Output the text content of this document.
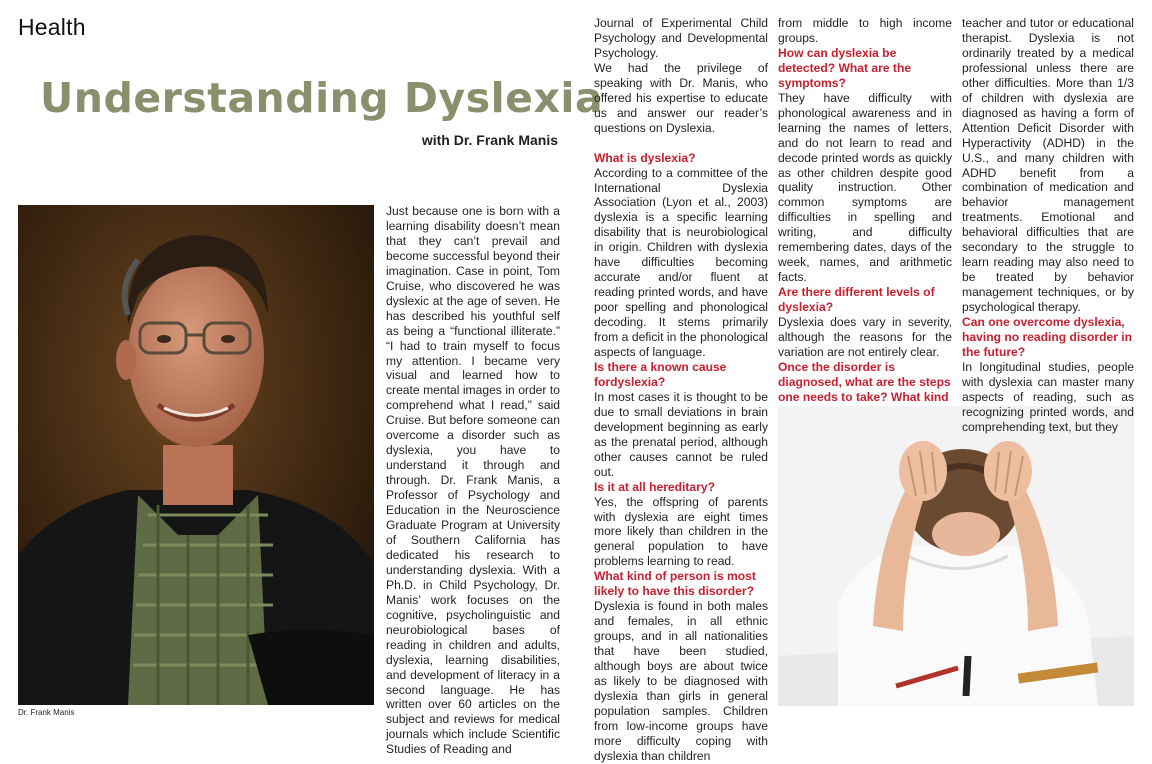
Health
Understanding Dyslexia
with Dr. Frank Manis
Dr. Frank Manis

Just because one is born with a learning disability doesn’t mean that they can’t prevail and become successful beyond their imagination. Case in point, Tom Cruise, who discovered he was dyslexic at the age of seven. He has described his youthful self as being a “functional illiterate.” “I had to train myself to focus my attention. I became very visual and learned how to create mental images in order to comprehend what I read,” said Cruise. But before someone can overcome a disorder such as dyslexia, you have to understand it through and through. Dr. Frank Manis, a Professor of Psychology and Education in the Neuroscience Graduate Program at University of Southern California has dedicated his research to understanding dyslexia. With a Ph.D. in Child Psychology, Dr. Manis’ work focuses on the cognitive, psycholinguistic and neurobiological bases of reading in children and adults, dyslexia, learning disabilities, and development of literacy in a second language. He has written over 60 articles on the subject and reviews for medical journals which include Scientific Studies of Reading and

Journal of Experimental Child Psychology and Developmental Psychology.

We had the privilege of speaking with Dr. Manis, who offered his expertise to educate us and answer our reader’s questions on Dyslexia.

What is dyslexia?

According to a committee of the International Dyslexia Association (Lyon et al., 2003) dyslexia is a specific learning disability that is neurobiological in origin. Children with dyslexia have difficulties becoming accurate and/or fluent at reading printed words, and have poor spelling and phonological decoding. It stems primarily from a deficit in the phonological aspects of language.

Is there a known cause fordyslexia?

In most cases it is thought to be due to small deviations in brain development beginning as early as the prenatal period, although other causes cannot be ruled out.

Is it at all hereditary?

Yes, the offspring of parents with dyslexia are eight times more likely than children in the general population to have problems learning to read.

What kind of person is most likely to have this disorder?

Dyslexia is found in both males and females, in all ethnic groups, and in all nationalities that have been studied, although boys are about twice as likely to be diagnosed with dyslexia than girls in general population samples. Children from low-income groups have more difficulty coping with dyslexia than children

from middle to high income groups.

How can dyslexia be detected? What are the symptoms?

They have difficulty with phonological awareness and in learning the names of letters, and do not learn to read and decode printed words as quickly as other children despite good quality instruction. Other common symptoms are difficulties in spelling and writing, and difficulty remembering dates, days of the week, names, and arithmetic facts.

Are there different levels of dyslexia?

Dyslexia does vary in severity, although the reasons for the variation are not entirely clear.

Once the disorder is diagnosed, what are the steps one needs to take? What kind

teacher and tutor or educational therapist. Dyslexia is not ordinarily treated by a medical professional unless there are other difficulties. More than 1/3 of children with dyslexia are diagnosed as having a form of Attention Deficit Disorder with Hyperactivity (ADHD) in the U.S., and many children with ADHD benefit from a combination of medication and behavior management treatments. Emotional and behavioral difficulties that are secondary to the struggle to learn reading may also need to be treated by behavior management techniques, or by psychological therapy.

Can one overcome dyslexia, having no reading disorder in the future?

In longitudinal studies, people with dyslexia can master many aspects of reading, such as recognizing printed words, and comprehending text, but they
